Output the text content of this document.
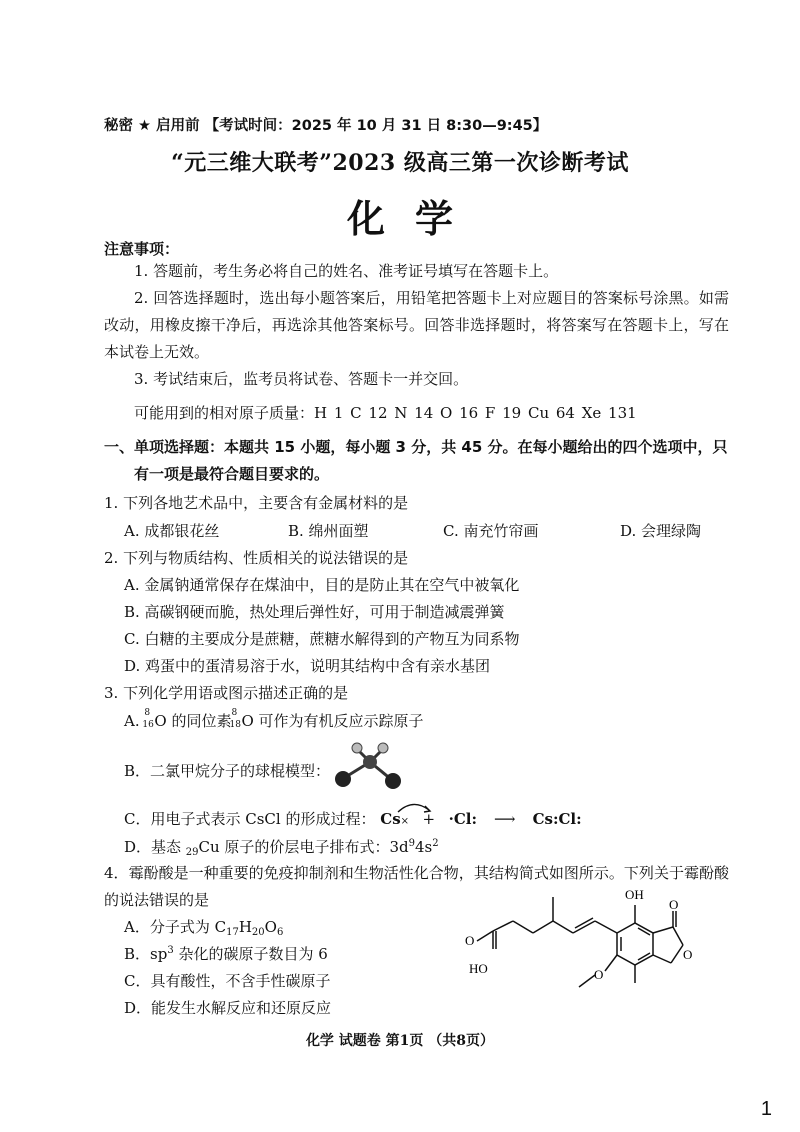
秘密 ★ 启用前 【考试时间：2025 年 10 月 31 日 8:30—9:45】
“元三维大联考”2023 级高三第一次诊断考试
化学
注意事项：
1. 答题前，考生务必将自己的姓名、准考证号填写在答题卡上。
2. 回答选择题时，选出每小题答案后，用铅笔把答题卡上对应题目的答案标号涂黑。如需改动，用橡皮擦干净后，再选涂其他答案标号。回答非选择题时，将答案写在答题卡上，写在本试卷上无效。
3. 考试结束后，监考员将试卷、答题卡一并交回。
可能用到的相对原子质量：H 1 C 12 N 14 O 16 F 19 Cu 64 Xe 131
一、单项选择题：本题共 15 小题，每小题 3 分，共 45 分。在每小题给出的四个选项中，只有一项是最符合题目要求的。
1. 下列各地艺术品中，主要含有金属材料的是
A. 成都银花丝	B. 绵州面塑	C. 南充竹帘画	D. 会理绿陶
2. 下列与物质结构、性质相关的说法错误的是
A. 金属钠通常保存在煤油中，目的是防止其在空气中被氧化
B. 高碳钢硬而脆，热处理后弹性好，可用于制造减震弹簧
C. 白糖的主要成分是蔗糖，蔗糖水解得到的产物互为同系物
D. 鸡蛋中的蛋清易溶于水，说明其结构中含有亲水基团
3. 下列化学用语或图示描述正确的是
A. 8
16 O 的同位素 8
18 O 可作为有机反应示踪原子
B．二氯甲烷分子的球棍模型：
C．用电子式表示 CsCl 的形成过程： Cs× + ·Cl: ⟶ Cs:Cl:
D．基态 $_{29}$Cu 原子的价层电子排布式：$3d^94s^2$
4．霉酚酸是一种重要的免疫抑制剂和生物活性化合物，其结构简式如图所示。下列关于霉酚酸的说法错误的是
A．分子式为 $C_{17}H_{20}O_6$
B．$sp^3$ 杂化的碳原子数目为 6
C．具有酸性，不含手性碳原子
D．能发生水解反应和还原反应
OH
HO
O
O
O
O
化学 试题卷 第1页 （共8页）
1
